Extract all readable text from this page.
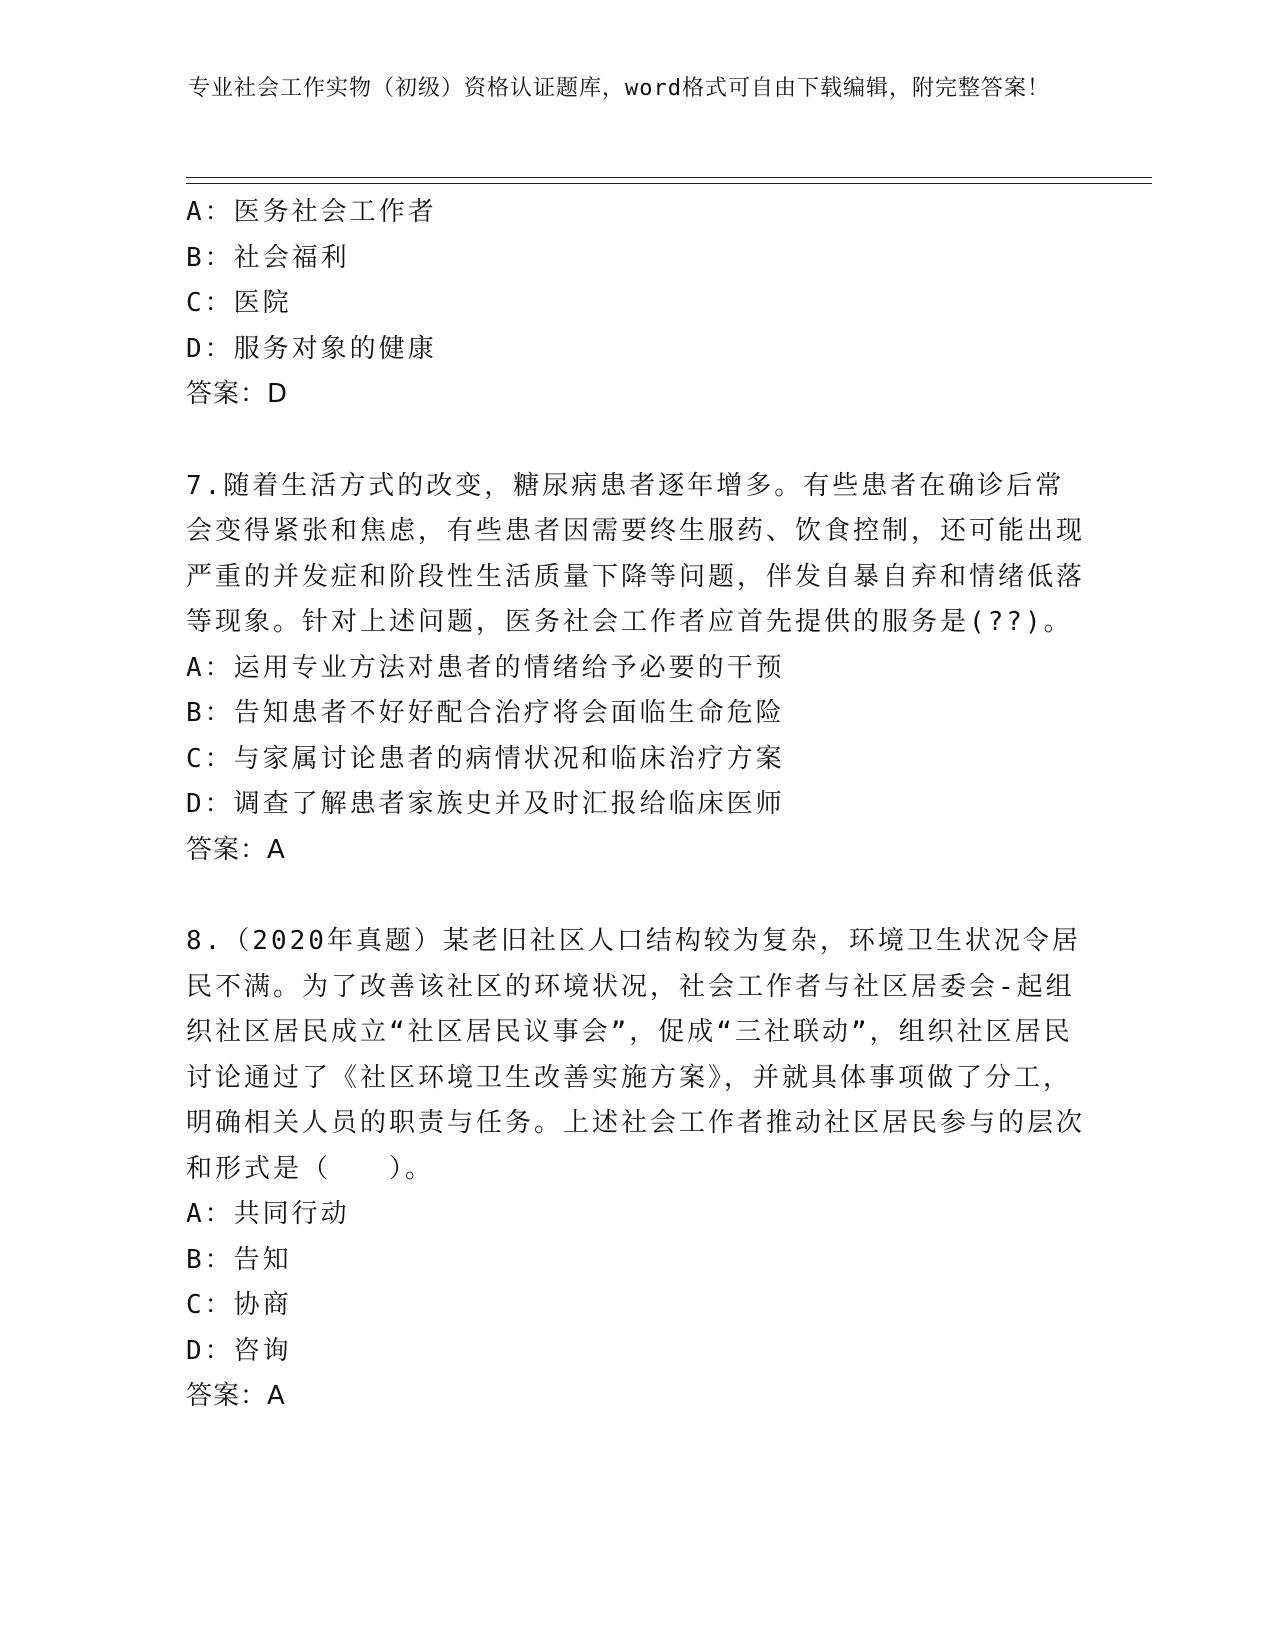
专业社会工作实物（初级）资格认证题库，word格式可自由下载编辑，附完整答案！

A：医务社会工作者

B：社会福利

C：医院

D：服务对象的健康

答案：D

7.随着生活方式的改变，糖尿病患者逐年增多。有些患者在确诊后常会变得紧张和焦虑，有些患者因需要终生服药、饮食控制，还可能出现严重的并发症和阶段性生活质量下降等问题，伴发自暴自弃和情绪低落等现象。针对上述问题，医务社会工作者应首先提供的服务是(??)。

A：运用专业方法对患者的情绪给予必要的干预

B：告知患者不好好配合治疗将会面临生命危险

C：与家属讨论患者的病情状况和临床治疗方案

D：调查了解患者家族史并及时汇报给临床医师

答案：A

8.（2020年真题）某老旧社区人口结构较为复杂，环境卫生状况令居民不满。为了改善该社区的环境状况，社会工作者与社区居委会-起组织社区居民成立“社区居民议事会”，促成“三社联动”，组织社区居民讨论通过了《社区环境卫生改善实施方案》，并就具体事项做了分工，明确相关人员的职责与任务。上述社会工作者推动社区居民参与的层次和形式是（　　）。

A：共同行动

B：告知

C：协商

D：咨询

答案：A
